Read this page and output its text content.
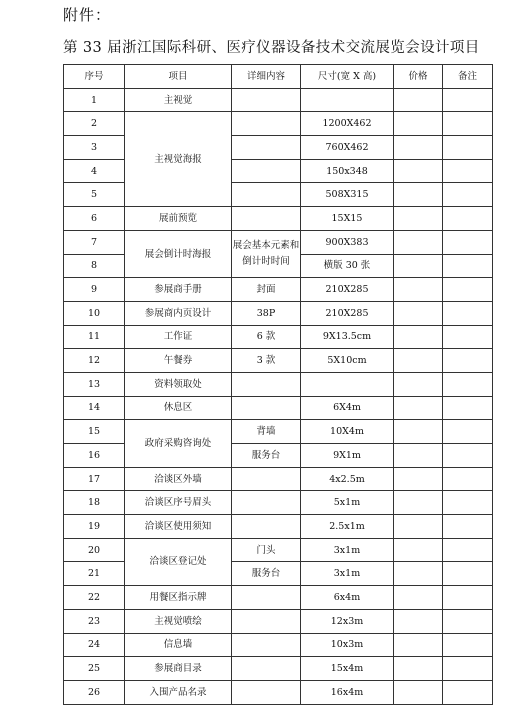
附件：
第 33 届浙江国际科研、医疗仪器设备技术交流展览会设计项目
序号	项目	详细内容	尺寸(宽 X 高)	价格	备注
1	主视觉				
2	主视觉海报		1200X462		
3			760X462		
4			150x348		
5			508X315		
6	展前预览		15X15		
7	展会倒计时海报	展会基本元素和倒计时时间	900X383		
8			横版 30 张		
9	参展商手册	封面	210X285		
10	参展商内页设计	38P	210X285		
11	工作证	6 款	9X13.5cm		
12	午餐券	3 款	5X10cm		
13	资料领取处				
14	休息区		6X4m		
15	政府采购咨询处	背墙	10X4m		
16		服务台	9X1m		
17	洽谈区外墙		4x2.5m		
18	洽谈区序号眉头		5x1m		
19	洽谈区使用须知		2.5x1m		
20	洽谈区登记处	门头	3x1m		
21		服务台	3x1m		
22	用餐区指示牌		6x4m		
23	主视觉喷绘		12x3m		
24	信息墙		10x3m		
25	参展商目录		15x4m		
26	入围产品名录		16x4m		
